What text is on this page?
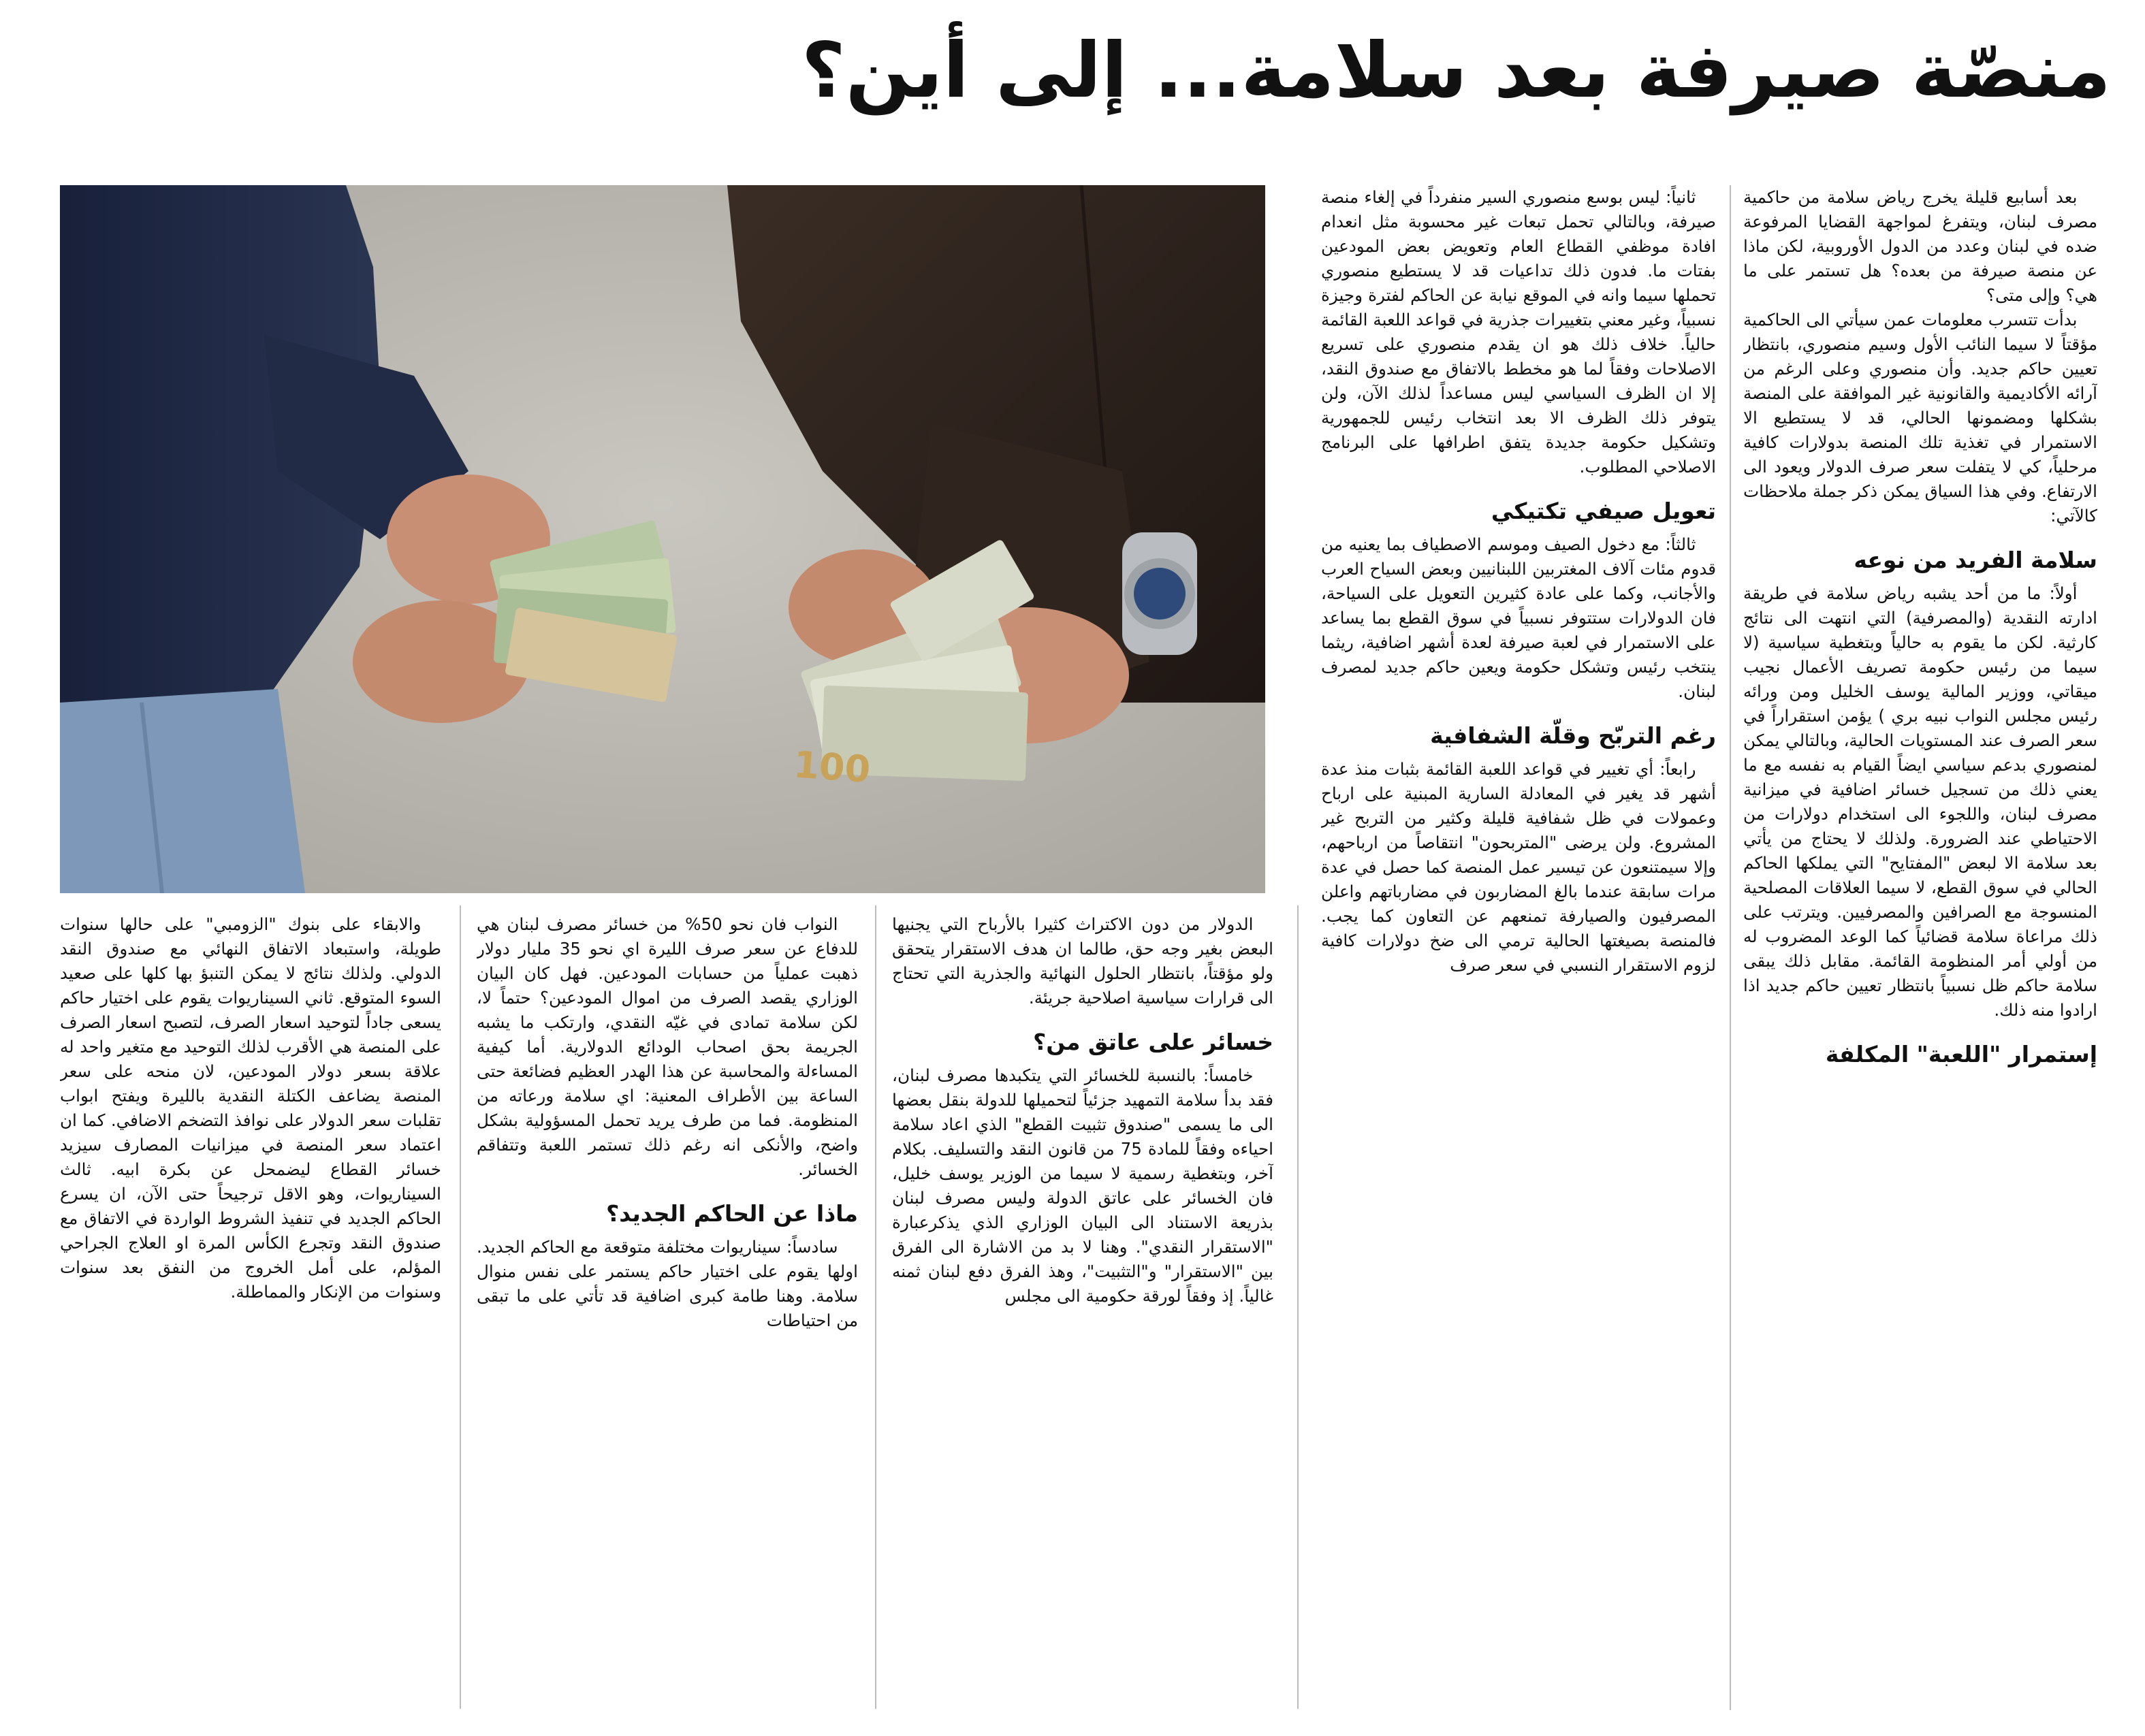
منصّة صيرفة بعد سلامة... إلى أين؟
100

بعد أسابيع قليلة يخرج رياض سلامة من حاكمية مصرف لبنان، ويتفرغ لمواجهة القضايا المرفوعة ضده في لبنان وعدد من الدول الأوروبية، لكن ماذا عن منصة صيرفة من بعده؟ هل تستمر على ما هي؟ وإلى متى؟

بدأت تتسرب معلومات عمن سيأتي الى الحاكمية مؤقتاً لا سيما النائب الأول وسيم منصوري، بانتظار تعيين حاكم جديد. وأن منصوري وعلى الرغم من آرائه الأكاديمية والقانونية غير الموافقة على المنصة بشكلها ومضمونها الحالي، قد لا يستطيع الا الاستمرار في تغذية تلك المنصة بدولارات كافية مرحلياً، كي لا يتفلت سعر صرف الدولار ويعود الى الارتفاع. وفي هذا السياق يمكن ذكر جملة ملاحظات كالآتي:

سلامة الفريد من نوعه

أولاً: ما من أحد يشبه رياض سلامة في طريقة ادارته النقدية (والمصرفية) التي انتهت الى نتائج كارثية. لكن ما يقوم به حالياً وبتغطية سياسية (لا سيما من رئيس حكومة تصريف الأعمال نجيب ميقاتي، ووزير المالية يوسف الخليل ومن ورائه رئيس مجلس النواب نبيه بري ) يؤمن استقراراً في سعر الصرف عند المستويات الحالية، وبالتالي يمكن لمنصوري بدعم سياسي ايضاً القيام به نفسه مع ما يعني ذلك من تسجيل خسائر اضافية في ميزانية مصرف لبنان، واللجوء الى استخدام دولارات من الاحتياطي عند الضرورة. ولذلك لا يحتاج من يأتي بعد سلامة الا لبعض "المفتايح" التي يملكها الحاكم الحالي في سوق القطع، لا سيما العلاقات المصلحية المنسوجة مع الصرافين والمصرفيين. ويترتب على ذلك مراعاة سلامة قضائياً كما الوعد المضروب له من أولي أمر المنظومة القائمة. مقابل ذلك يبقى سلامة حاكم ظل نسبياً بانتظار تعيين حاكم جديد اذا ارادوا منه ذلك.

إستمرار "اللعبة" المكلفة

ثانياً: ليس بوسع منصوري السير منفرداً في إلغاء منصة صيرفة، وبالتالي تحمل تبعات غير محسوبة مثل انعدام افادة موظفي القطاع العام وتعويض بعض المودعين بفتات ما. فدون ذلك تداعيات قد لا يستطيع منصوري تحملها سيما وانه في الموقع نيابة عن الحاكم لفترة وجيزة نسبياً، وغير معني بتغييرات جذرية في قواعد اللعبة القائمة حالياً. خلاف ذلك هو ان يقدم منصوري على تسريع الاصلاحات وفقاً لما هو مخطط بالاتفاق مع صندوق النقد، إلا ان الظرف السياسي ليس مساعداً لذلك الآن، ولن يتوفر ذلك الظرف الا بعد انتخاب رئيس للجمهورية وتشكيل حكومة جديدة يتفق اطرافها على البرنامج الاصلاحي المطلوب.

تعويل صيفي تكتيكي

ثالثاً: مع دخول الصيف وموسم الاصطياف بما يعنيه من قدوم مئات آلاف المغتربين اللبنانيين وبعض السياح العرب والأجانب، وكما على عادة كثيرين التعويل على السياحة، فان الدولارات ستتوفر نسبياً في سوق القطع بما يساعد على الاستمرار في لعبة صيرفة لعدة أشهر اضافية، ريثما ينتخب رئيس وتشكل حكومة ويعين حاكم جديد لمصرف لبنان.

رغم التربّح وقلّة الشفافية

رابعاً: أي تغيير في قواعد اللعبة القائمة بثبات منذ عدة أشهر قد يغير في المعادلة السارية المبنية على ارباح وعمولات في ظل شفافية قليلة وكثير من التربح غير المشروع. ولن يرضى "المتربحون" انتقاصاً من ارباحهم، وإلا سيمتنعون عن تيسير عمل المنصة كما حصل في عدة مرات سابقة عندما بالغ المضاربون في مضارباتهم واعلن المصرفيون والصيارفة تمنعهم عن التعاون كما يجب. فالمنصة بصيغتها الحالية ترمي الى ضخ دولارات كافية لزوم الاستقرار النسبي في سعر صرف

الدولار من دون الاكتراث كثيرا بالأرباح التي يجنيها البعض بغير وجه حق، طالما ان هدف الاستقرار يتحقق ولو مؤقتاً، بانتظار الحلول النهائية والجذرية التي تحتاج الى قرارات سياسية اصلاحية جريئة.

خسائر على عاتق من؟

خامساً: بالنسبة للخسائر التي يتكبدها مصرف لبنان، فقد بدأ سلامة التمهيد جزئياً لتحميلها للدولة بنقل بعضها الى ما يسمى "صندوق تثبيت القطع" الذي اعاد سلامة احياءه وفقاً للمادة 75 من قانون النقد والتسليف. بكلام آخر، وبتغطية رسمية لا سيما من الوزير يوسف خليل، فان الخسائر على عاتق الدولة وليس مصرف لبنان بذريعة الاستناد الى البيان الوزاري الذي يذكرعبارة "الاستقرار النقدي". وهنا لا بد من الاشارة الى الفرق بين "الاستقرار" و"التثبيت"، وهذ الفرق دفع لبنان ثمنه غالياً. إذ وفقاً لورقة حكومية الى مجلس

النواب فان نحو 50% من خسائر مصرف لبنان هي للدفاع عن سعر صرف الليرة اي نحو 35 مليار دولار ذهبت عملياً من حسابات المودعين. فهل كان البيان الوزاري يقصد الصرف من اموال المودعين؟ حتماً لا، لكن سلامة تمادى في غيّه النقدي، وارتكب ما يشبه الجريمة بحق اصحاب الودائع الدولارية. أما كيفية المساءلة والمحاسبة عن هذا الهدر العظيم فضائعة حتى الساعة بين الأطراف المعنية: اي سلامة ورعاته من المنظومة. فما من طرف يريد تحمل المسؤولية بشكل واضح، والأنكى انه رغم ذلك تستمر اللعبة وتتفاقم الخسائر.

ماذا عن الحاكم الجديد؟

سادساً: سيناريوات مختلفة متوقعة مع الحاكم الجديد. اولها يقوم على اختيار حاكم يستمر على نفس منوال سلامة. وهنا طامة كبرى اضافية قد تأتي على ما تبقى من احتياطات

والابقاء على بنوك "الزومبي" على حالها سنوات طويلة، واستبعاد الاتفاق النهائي مع صندوق النقد الدولي. ولذلك نتائج لا يمكن التنبؤ بها كلها على صعيد السوء المتوقع. ثاني السيناريوات يقوم على اختيار حاكم يسعى جاداً لتوحيد اسعار الصرف، لتصبح اسعار الصرف على المنصة هي الأقرب لذلك التوحيد مع متغير واحد له علاقة بسعر دولار المودعين، لان منحه على سعر المنصة يضاعف الكتلة النقدية بالليرة ويفتح ابواب تقلبات سعر الدولار على نوافذ التضخم الاضافي. كما ان اعتماد سعر المنصة في ميزانيات المصارف سيزيد خسائر القطاع ليضمحل عن بكرة ابيه. ثالث السيناريوات، وهو الاقل ترجيحاً حتى الآن، ان يسرع الحاكم الجديد في تنفيذ الشروط الواردة في الاتفاق مع صندوق النقد وتجرع الكأس المرة او العلاج الجراحي المؤلم، على أمل الخروج من النفق بعد سنوات وسنوات من الإنكار والمماطلة.
